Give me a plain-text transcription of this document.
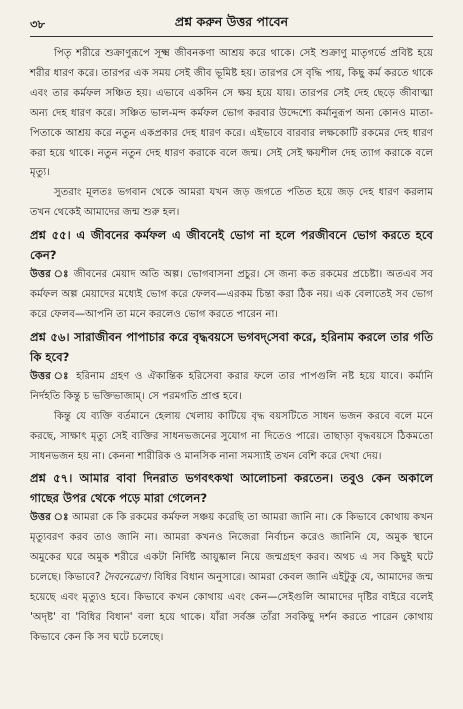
৩৮	প্রশ্ন করুন উত্তর পাবেন

পিতৃ শরীরে শুক্রাণুরূপে সূক্ষ্ম জীবনকণা আশ্রয় করে থাকে। সেই শুক্রাণু মাতৃগর্ভে প্রবিষ্ট হয়ে শরীর ধারণ করে। তারপর এক সময় সেই জীব ভূমিষ্ট হয়। তারপর সে বৃদ্ধি পায়, কিছু কর্ম করতে থাকে এবং তার কর্মফল সঞ্চিত হয়। এভাবে একদিন সে ক্ষয় হয়ে যায়। তারপর সেই দেহ ছেড়ে জীবাত্মা অন্য দেহ ধারণ করে। সঞ্চিত ভাল-মন্দ কর্মফল ভোগ করবার উদ্দেশ্যে কর্মানুরূপ অন্য কোনও মাতা-পিতাকে আশ্রয় করে নতুন একপ্রকার দেহ ধারণ করে। এইভাবে বারবার লক্ষকোটি রকমের দেহ ধারণ করা হয়ে থাকে। নতুন নতুন দেহ ধারণ করাকে বলে জন্ম। সেই সেই ক্ষয়শীল দেহ ত্যাগ করাকে বলে মৃত্যু।

সুতরাং মূলতঃ ভগবান থেকে আমরা যখন জড় জগতে পতিত হয়ে জড় দেহ ধারণ করলাম তখন থেকেই আমাদের জন্ম শুরু হল।

প্রশ্ন ৫৫। এ জীবনের কর্মফল এ জীবনেই ভোগ না হলে পরজীবনে ভোগ করতে হবে কেন?

উত্তর ঃ জীবনের মেয়াদ অতি অল্প। ভোগবাসনা প্রচুর। সে জন্য কত রকমের প্রচেষ্টা। অতএব সব কর্মফল অল্প মেয়াদের মধ্যেই ভোগ করে ফেলব—এরকম চিন্তা করা ঠিক নয়। এক বেলাতেই সব ভোগ করে ফেলব—আপনি তা মনে করলেও ভোগ করতে পারেন না।

প্রশ্ন ৫৬। সারাজীবন পাপাচার করে বৃদ্ধবয়সে ভগবদ্‌সেবা করে, হরিনাম করলে তার গতি কি হবে?

উত্তর ঃ হরিনাম গ্রহণ ও ঐকান্তিক হরিসেবা করার ফলে তার পাপগুলি নষ্ট হয়ে যাবে। কর্মানি নির্দহতি কিন্তু চ ভক্তিভাজাম্‌। সে পরমগতি প্রাপ্ত হবে।

কিন্তু যে ব্যক্তি বর্তমানে হেলায় খেলায় কাটিয়ে বৃদ্ধ বয়সটিতে সাধন ভজন করবে বলে মনে করছে, সাক্ষাৎ মৃত্যু সেই ব্যক্তির সাধনভজনের সুযোগ না দিতেও পারে। তাছাড়া বৃদ্ধবয়সে ঠিকমতো সাধনভজন হয় না। কেননা শারীরিক ও মানসিক নানা সমস্যাই তখন বেশি করে দেখা দেয়।

প্রশ্ন ৫৭। আমার বাবা দিনরাত ভগবৎকথা আলোচনা করতেন। তবুও কেন অকালে গাছের উপর থেকে পড়ে মারা গেলেন?

উত্তর ঃ আমরা কে কি রকমের কর্মফল সঞ্চয় করেছি তা আমরা জানি না। কে কিভাবে কোথায় কখন মৃত্যুবরণ করব তাও জানি না। আমরা কখনও নিজেরা নির্বাচন করেও জানিনি যে, অমুক স্থানে অমুকের ঘরে অমুক শরীরে একটা নির্দিষ্ট আয়ুষ্কাল নিয়ে জন্মগ্রহণ করব। অথচ এ সব কিছুই ঘটে চলেছে। কিভাবে? দৈবনেত্রেণ। বিধির বিধান অনুসারে। আমরা কেবল জানি এইটুকু যে, আমাদের জন্ম হয়েছে এবং মৃত্যুও হবে। কিভাবে কখন কোথায় এবং কেন—সেইগুলি আমাদের দৃষ্টির বাইরে বলেই 'অদৃষ্ট' বা 'বিধির বিধান' বলা হয়ে থাকে। যাঁরা সর্বজ্ঞ তাঁরা সবকিছু দর্শন করতে পারেন কোথায় কিভাবে কেন কি সব ঘটে চলেছে।
